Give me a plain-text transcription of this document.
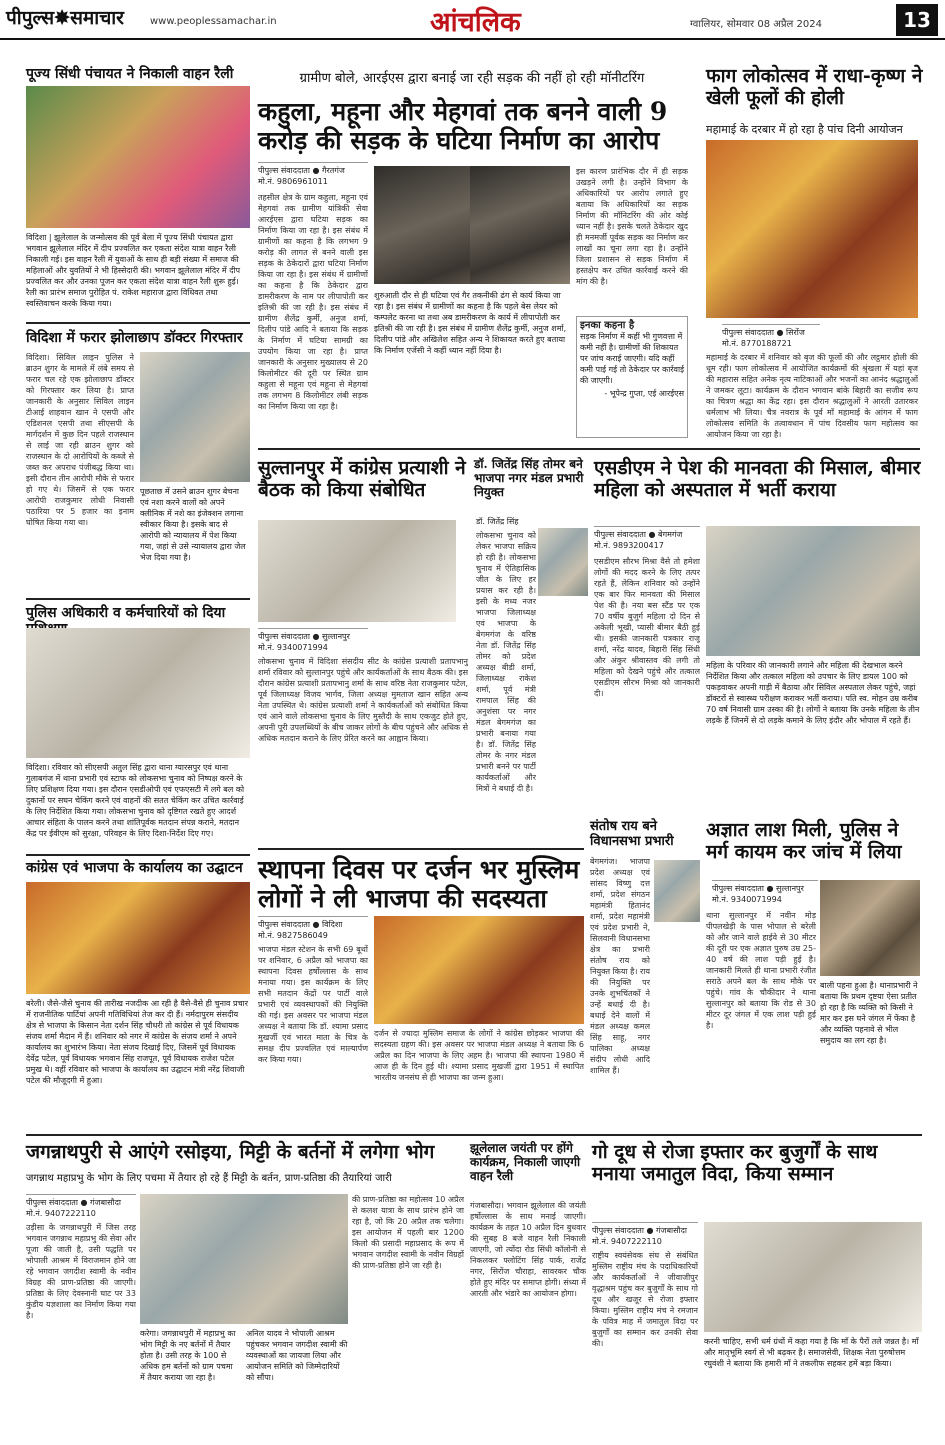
पीपुल्स✸समाचार	www.peoplessamachar.in	आंचलिक	ग्वालियर, सोमवार 08 अप्रैल 2024	13
पूज्य सिंधी पंचायत ने निकाली वाहन रैली
विदिशा | झूलेलाल के जन्मोत्सव की पूर्व बेला में पूज्य सिंधी पंचायत द्वारा भगवान झूलेलाल मंदिर में दीप प्रज्वलित कर एकता संदेश यात्रा वाहन रैली निकाली गई। इस वाहन रैली में युवाओं के साथ ही बड़ी संख्या में समाज की महिलाओं और युवतियों ने भी हिस्सेदारी की। भगवान झूलेलाल मंदिर में दीप प्रज्वलित कर और उनका पूजन कर एकता संदेश यात्रा वाहन रैली शुरू हुई। रैली का प्रारंभ समाज पुरोहित पं. राकेश महाराज द्वारा विधिवत तथा स्वस्तिवाचन करके किया गया।
विदिशा में फरार झोलाछाप डॉक्टर गिरफ्तार
विदिशा। सिविल लाइन पुलिस ने ब्राउन शुगर के मामले में लंबे समय से फरार चल रहे एक झोलाछाप डॉक्टर को गिरफ्तार कर लिया है। प्राप्त जानकारी के अनुसार सिविल लाइन टीआई शाहवान खान ने एसपी और एडिशनल एसपी तथा सीएसपी के मार्गदर्शन में कुछ दिन पहले राजस्थान से लाई जा रही ब्राउन शुगर को राजस्थान के दो आरोपियों के कब्जे से जब्त कर अपराध पंजीबद्ध किया था। इसी दौरान तीन आरोपी मौके से फरार हो गए थे। जिसमें से एक फरार आरोपी राजकुमार लोधी निवासी पठारिया पर 5 हजार का इनाम घोषित किया गया था।
पूछताछ में उसने ब्राउन शुगर बेचना एवं नशा करने वालों को अपने क्लीनिक में नशे का इंजेक्शन लगाना स्वीकार किया है। इसके बाद से आरोपी को न्यायालय में पेश किया गया, जहां से उसे न्यायालय द्वारा जेल भेज दिया गया है।
पुलिस अधिकारी व कर्मचारियों को दिया
विदिशा। रविवार को सीएसपी अतुल सिंह द्वारा थाना ग्यारसपुर एवं थाना गुलाबगंज में थाना प्रभारी एवं स्टाफ को लोकसभा चुनाव को निष्पक्ष करने के लिए प्रशिक्षण दिया गया। इस दौरान एसडीओपी एवं एफएसटी में लगे बल को दुकानों पर सघन चेकिंग करने एवं वाहनों की सतत चेकिंग कर उचित कार्रवाई के लिए निर्देशित किया गया। लोकसभा चुनाव को दृष्टिगत रखते हुए आदर्श आचार संहिता के पालन करने तथा शांतिपूर्वक मतदान संपन्न कराने, मतदान केंद्र पर ईवीएम को सुरक्षा, परिवहन के लिए दिशा-निर्देश दिए गए।
कांग्रेस एवं भाजपा के कार्यालय का उद्घाटन
बरेली। जैसे-जैसे चुनाव की तारीख नजदीक आ रही है वैसे-वैसे ही चुनाव प्रचार में राजनीतिक पार्टियां अपनी गतिविधियां तेज कर दी हैं। नर्मदापुरम संसदीय क्षेत्र से भाजपा के किसान नेता दर्शन सिंह चौधरी तो कांग्रेस से पूर्व विधायक संजय शर्मा मैदान में हैं। शनिवार को नगर में कांग्रेस के संजय शर्मा ने अपने कार्यालय का शुभारंभ किया। नेता संजय दिखाई दिए, जिसमें पूर्व विधायक देवेंद्र पटेल, पूर्व विधायक भगवान सिंह राजपूत, पूर्व विधायक राजेश पटेल प्रमुख थे। वहीं रविवार को भाजपा के कार्यालय का उद्घाटन मंत्री नरेंद्र शिवाजी पटेल की मौजूदगी में हुआ।
ग्रामीण बोले, आरईएस द्वारा बनाई जा रही सड़क की नहीं हो रही मॉनीटरिंग
कहुला, महूना और मेहगवां तक बनने वाली 9 करोड़ की सड़क के घटिया निर्माण का आरोप
पीपुल्स संवाददाता ● गैरतगंज
मो.नं. 9806961011
तहसील क्षेत्र के ग्राम कहुला, महूना एवं मेहगवां तक ग्रामीण यांत्रिकी सेवा आरईएस द्वारा घटिया सड़क का निर्माण किया जा रहा है। इस संबंध में ग्रामीणों का कहना है कि लगभग 9 करोड़ की लागत से बनने वाली इस सड़क के ठेकेदारों द्वारा घटिया निर्माण किया जा रहा है। इस संबंध में ग्रामीणों का कहना है कि ठेकेदार द्वारा डामरीकरण के नाम पर लीपापोती कर इतिश्री की जा रही है। इस संबंध में ग्रामीण शैलेंद्र कुर्मी, अनुज शर्मा, दिलीप पांडे आदि ने बताया कि सड़क के निर्माण में घटिया सामग्री का उपयोग किया जा रहा है। प्राप्त जानकारी के अनुसार मुख्यालय से 20 किलोमीटर की दूरी पर स्थित ग्राम कहुला से महूना एवं महूना से मेहगवां तक लगभग 8 किलोमीटर लंबी सड़क का निर्माण किया जा रहा है।
शुरुआती दौर से ही घटिया एवं गैर तकनीकी ढंग से कार्य किया जा रहा है। इस संबंध में ग्रामीणों का कहना है कि पहले बेस लेयर को कम्पलेट करना था तथा अब डामरीकरण के कार्य में लीपापोती कर इतिश्री की जा रही है। इस संबंध में ग्रामीण शैलेंद्र कुर्मी, अनुज शर्मा, दिलीप पांडे और अखिलेश सहित अन्य ने शिकायत करते हुए बताया कि निर्माण एजेंसी ने कहीं ध्यान नहीं दिया है।
इस कारण प्रारंभिक दौर में ही सड़क उखड़ने लगी है। उन्होंने विभाग के अधिकारियों पर आरोप लगाते हुए बताया कि अधिकारियों का सड़क निर्माण की मॉनिटरिंग की ओर कोई ध्यान नहीं है। इसके चलते ठेकेदार खुद ही मनमर्जी पूर्वक सड़क का निर्माण कर लाखों का चूना लगा रहा है। उन्होंने जिला प्रशासन से सड़क निर्माण में हस्तक्षेप कर उचित कार्रवाई करने की मांग की है।
इनका कहना है
सड़क निर्माण में कहीं भी गुणवत्ता में कमी नहीं है। ग्रामीणों की शिकायत पर जांच कराई जाएगी। यदि कहीं कमी पाई गई तो ठेकेदार पर कार्रवाई की जाएगी।
- भूपेन्द्र गुप्ता, एई आरईएस
फाग लोकोत्सव में राधा-कृष्ण ने खेली फूलों की होली
महामाई के दरबार में हो रहा है पांच दिनी आयोजन
पीपुल्स संवाददाता ● सिरोंज
मो.नं. 8770188721
महामाई के दरबार में शनिवार को बृज की फूलों की और लट्ठमार होली की धूम रही। फाग लोकोत्सव में आयोजित कार्यक्रमों की श्रृंखला में यहां बृज की महारास सहित अनेक नृत्य नाटिकाओं और भजनों का आनंद श्रद्धालुओं ने जमकर लूटा। कार्यक्रम के दौरान भगवान बांके बिहारी का सजीव रूप का चित्रण श्रद्धा का केंद्र रहा। इस दौरान श्रद्धालुओं ने आरती उतारकर धर्मलाभ भी लिया। चैत्र नवरात्र के पूर्व माँ महामाई के आंगन में फाग लोकोत्सव समिति के तत्वावधान में पांच दिवसीय फाग महोत्सव का आयोजन किया जा रहा है।
सुल्तानपुर में कांग्रेस प्रत्याशी ने बैठक को किया संबोधित
पीपुल्स संवाददाता ● सुल्तानपुर
मो.नं. 9340071994
लोकसभा चुनाव में विदिशा संसदीय सीट के कांग्रेस प्रत्याशी प्रतापभानु शर्मा रविवार को सुल्तानपुर पहुंचे और कार्यकर्ताओं के साथ बैठक की। इस दौरान कांग्रेस प्रत्याशी प्रतापभानु शर्मा के साथ वरिष्ठ नेता राजकुमार पटेल, पूर्व जिलाध्यक्ष विजय भार्गव, जिला अध्यक्ष मुमताज खान सहित अन्य नेता उपस्थित थे। कांग्रेस प्रत्याशी शर्मा ने कार्यकर्ताओं को संबोधित किया एवं आने वाले लोकसभा चुनाव के लिए मुस्तैदी के साथ एकजुट होते हुए, अपनी पूरी उपलब्धियों के बीच जाकर लोगों के बीच पहुंचने और अधिक से अधिक मतदान कराने के लिए प्रेरित करने का आह्वान किया।
डॉ. जितेंद्र सिंह तोमर बने भाजपा नगर मंडल प्रभारी नियुक्त
डॉ. जितेंद्र सिंह
लोकसभा चुनाव को लेकर भाजपा सक्रिय हो रही है। लोकसभा चुनाव में ऐतिहासिक जीत के लिए हर प्रयास कर रही है। इसी के मध्य नजर भाजपा जिलाध्यक्ष एवं भाजपा के बेगमगंज के वरिष्ठ नेता डॉ. जितेंद्र सिंह तोमर को प्रदेश अध्यक्ष बीडी शर्मा, जिलाध्यक्ष राकेश शर्मा, पूर्व मंत्री रामपाल सिंह की अनुशंसा पर नगर मंडल बेगमगंज का प्रभारी बनाया गया है। डॉ. जितेंद्र सिंह तोमर के नगर मंडल प्रभारी बनने पर पार्टी कार्यकर्ताओं और मित्रों ने बधाई दी है।
एसडीएम ने पेश की मानवता की मिसाल, बीमार महिला को अस्पताल में भर्ती कराया
पीपुल्स संवाददाता ● बेगमगंज
मो.नं. 9893200417
एसडीएम सौरभ मिश्रा वैसे तो हमेशा लोगों की मदद करने के लिए तत्पर रहते हैं, लेकिन शनिवार को उन्होंने एक बार फिर मानवता की मिसाल पेश की है। नया बस स्टैंड पर एक 70 वर्षीय बुजुर्ग महिला दो दिन से अकेली भूखी, प्यासी बीमार बैठी हुई थी। इसकी जानकारी पत्रकार राजू शर्मा, नरेंद्र यादव, बिहारी सिंह सिंधी और अंकुर श्रीवास्तव की लगी तो महिला को देखने पहुंचे और तत्काल एसडीएम सौरभ मिश्रा को जानकारी दी।
महिला के परिवार की जानकारी लगाने और महिला की देखभाल करने निर्देशित किया और तत्काल महिला को उपचार के लिए डायल 100 को पकड़वाकर अपनी गाड़ी में बैठाया और सिविल अस्पताल लेकर पहुंचे, जहां डॉक्टरों से स्वास्थ्य परीक्षण कराकर भर्ती कराया। पति स्व. मोहन उम्र करीब 70 वर्ष निवासी ग्राम उस्का की है। लोगों ने बताया कि उनके महिला के तीन लड़के हैं जिनमें से दो लड़के कमाने के लिए इंदौर और भोपाल में रहते हैं।
स्थापना दिवस पर दर्जन भर मुस्लिम लोगों ने ली भाजपा की सदस्यता
पीपुल्स संवाददाता ● विदिशा
मो.नं. 9827586049
भाजपा मंडल स्टेशन के सभी 69 बूथों पर शनिवार, 6 अप्रैल को भाजपा का स्थापना दिवस हर्षोल्लास के साथ मनाया गया। इस कार्यक्रम के लिए सभी मतदान केंद्रों पर पार्टी वाले प्रभारी एवं व्यवस्थापकों की नियुक्ति की गई। इस अवसर पर भाजपा मंडल अध्यक्ष ने बताया कि डॉ. श्यामा प्रसाद मुखर्जी एवं भारत माता के चित्र के समक्ष दीप प्रज्वलित एवं माल्यार्पण कर किया गया।
दर्जन से ज्यादा मुस्लिम समाज के लोगों ने कांग्रेस छोड़कर भाजपा की सदस्यता ग्रहण की। इस अवसर पर भाजपा मंडल अध्यक्ष ने बताया कि 6 अप्रैल का दिन भाजपा के लिए अहम है। भाजपा की स्थापना 1980 में आज ही के दिन हुई थी। श्यामा प्रसाद मुखर्जी द्वारा 1951 में स्थापित भारतीय जनसंघ से ही भाजपा का जन्म हुआ।
संतोष राय बने विधानसभा प्रभारी
बेगमगंज। भाजपा प्रदेश अध्यक्ष एवं सांसद विष्णु दत्त शर्मा, प्रदेश संगठन महामंत्री हितानंद शर्मा, प्रदेश महामंत्री एवं प्रदेश प्रभारी ने, सिलवानी विधानसभा क्षेत्र का प्रभारी संतोष राय को नियुक्त किया है। राय की नियुक्ति पर उनके शुभचिंतकों ने उन्हें बधाई दी है। बधाई देने वालों में मंडल अध्यक्ष कमल सिंह साहू, नगर पालिका अध्यक्ष संदीप लोधी आदि शामिल हैं।
अज्ञात लाश मिली, पुलिस ने मर्ग कायम कर जांच में लिया
पीपुल्स संवाददाता ● सुल्तानपुर
मो.नं. 9340071994
थाना सुल्तानपुर में नवीन मोड़ पीपलखेड़ी के पास भोपाल से बरेली को और जाने वाले हाईवे से 30 मीटर की दूरी पर एक अज्ञात पुरुष उम्र 25-40 वर्ष की लाश पड़ी हुई है। जानकारी मिलते ही थाना प्रभारी रंजीत सराठे अपने बल के साथ मौके पर पहुंचे। गांव के चौकीदार ने थाना सुल्तानपुर को बताया कि रोड से 30 मीटर दूर जंगल में एक लाश पड़ी हुई है।
बाली पहना हुआ है। थानाप्रभारी ने बताया कि प्रथम दृष्टया ऐसा प्रतीत हो रहा है कि व्यक्ति को किसी ने मार कर इस घने जंगल में फेंका है और व्यक्ति पहनावे से भील समुदाय का लग रहा है।
जगन्नाथपुरी से आएंगे रसोइया, मिट्टी के बर्तनों में लगेगा भोग
जगन्नाथ महाप्रभु के भोग के लिए पचमा में तैयार हो रहे हैं मिट्टी के बर्तन, प्राण-प्रतिष्ठा की तैयारियां जारी
पीपुल्स संवाददाता ● गंजबासौदा
मो.नं. 9407222110
उड़ीसा के जगन्नाथपुरी में जिस तरह भगवान जगन्नाथ महाप्रभु की सेवा और पूजा की जाती है, उसी पद्धति पर भोपाली आश्रम में विराजमान होने जा रहे भगवान जगदीश स्वामी के नवीन विग्रह की प्राण-प्रतिष्ठा की जाएगी। प्रतिष्ठा के लिए देवस्नानी घाट पर 33 कुंडीय यज्ञशाला का निर्माण किया गया है।
करेगा। जगन्नाथपुरी में महाप्रभु का भोग मिट्टी के नए बर्तनों में तैयार होता है। उसी तरह के 100 से अधिक हम बर्तनों को ग्राम पचमा में तैयार कराया जा रहा है।
अनिल यादव ने भोपाली आश्रम पहुंचकर भगवान जगदीश स्वामी की व्यवस्थाओं का जायजा लिया और आयोजन समिति को जिम्मेदारियों को सौंपा।
की प्राण-प्रतिष्ठा का महोत्सव 10 अप्रैल से कलश यात्रा के साथ प्रारंभ होने जा रहा है, जो कि 20 अप्रैल तक चलेगा। इस आयोजन में पहली बार 1200 किलो की प्रसादी महाप्रसाद के रूप में भगवान जगदीश स्वामी के नवीन विग्रहों की प्राण-प्रतिष्ठा होने जा रही है।
झूलेलाल जयंती पर होंगे कार्यक्रम, निकाली जाएगी वाहन रैली
गंजबासौदा। भगवान झूलेलाल की जयंती हर्षोल्लास के साथ मनाई जाएगी। कार्यक्रम के तहत 10 अप्रैल दिन बुधवार की सुबह 8 बजे वाहन रैली निकाली जाएगी, जो त्योंदा रोड सिंधी कॉलोनी से निकलकर फ्लोटिंग सिंह पार्क, राजेंद्र नगर, सिरोंज चौराहा, सावरकर चौक होते हुए मंदिर पर समाप्त होगी। संध्या में आरती और भंडारे का आयोजन होगा।
गो दूध से रोजा इफ्तार कर बुजुर्गों के साथ मनाया जमातुल विदा, किया सम्मान
पीपुल्स संवाददाता ● गंजबासौदा
मो.नं. 9407222110
राष्ट्रीय स्वयंसेवक संघ से संबंधित मुस्लिम राष्ट्रीय मंच के पदाधिकारियों और कार्यकर्ताओं ने जीवाजीपुर वृद्धाश्रम पहुंच कर बुजुर्गों के साथ गो दूध और खजूर से रोजा इफ्तार किया। मुस्लिम राष्ट्रीय मंच ने रमजान के पवित्र माह में जमातुल विदा पर बुजुर्गों का सम्मान कर उनकी सेवा की।	करनी चाहिए, सभी धर्म ग्रंथों में कहा गया है कि माँ के पैरों तले जन्नत है। माँ और मातृभूमि स्वर्ग से भी बढ़कर है। समाजसेवी, शिक्षक नेता पुरुषोत्तम रघुवंशी ने बताया कि हमारी माँ ने तकलीफ सहकर हमें बड़ा किया।
